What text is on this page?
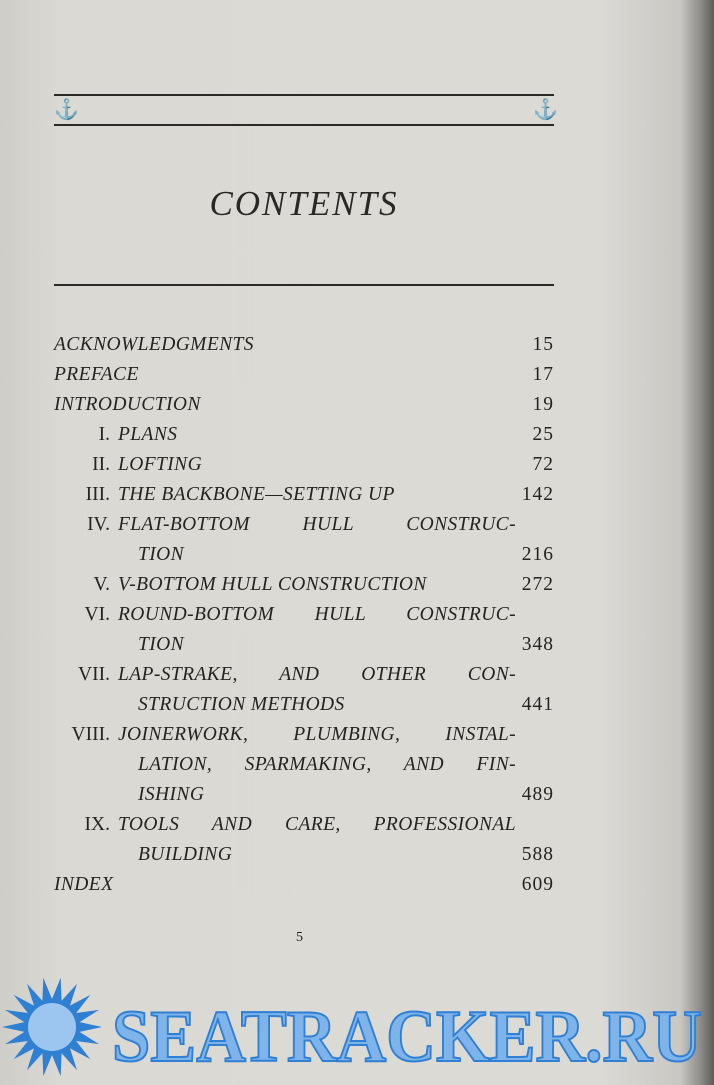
⚓	⚓
CONTENTS
ACKNOWLEDGMENTS	15
PREFACE	17
INTRODUCTION	19
I. PLANS	25
II. LOFTING	72
III. THE BACKBONE—SETTING UP	142
IV. FLAT-BOTTOM HULL CONSTRUC-
TION	216
V. V-BOTTOM HULL CONSTRUCTION	272
VI. ROUND-BOTTOM HULL CONSTRUC-
TION	348
VII. LAP-STRAKE, AND OTHER CON-
STRUCTION METHODS	441
VIII. JOINERWORK, PLUMBING, INSTAL-
LATION, SPARMAKING, AND FIN-
ISHING	489
IX. TOOLS AND CARE, PROFESSIONAL
BUILDING	588
INDEX	609
5
SEATRACKER.RU
